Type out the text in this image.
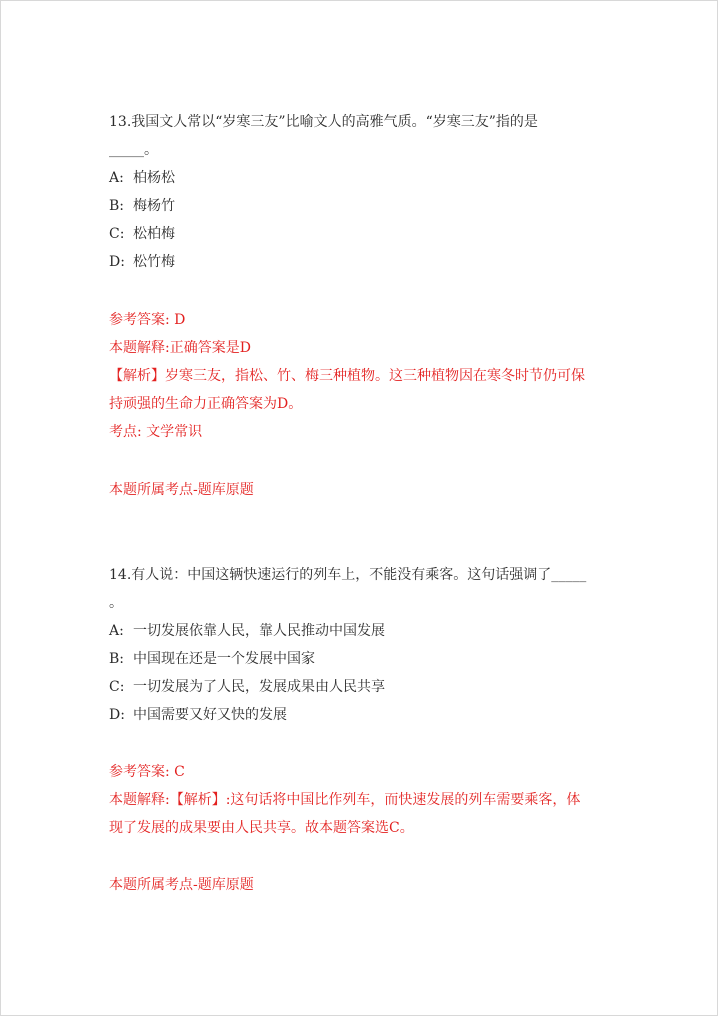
13.我国文人常以“岁寒三友”比喻文人的高雅气质。“岁寒三友”指的是
_____。
A: 柏杨松
B: 梅杨竹
C: 松柏梅
D: 松竹梅
参考答案: D
本题解释:正确答案是D
【解析】岁寒三友，指松、竹、梅三种植物。这三种植物因在寒冬时节仍可保
持顽强的生命力正确答案为D。
考点: 文学常识
本题所属考点-题库原题
14.有人说：中国这辆快速运行的列车上，不能没有乘客。这句话强调了_____
。
A: 一切发展依靠人民，靠人民推动中国发展
B: 中国现在还是一个发展中国家
C: 一切发展为了人民，发展成果由人民共享
D: 中国需要又好又快的发展
参考答案: C
本题解释:【解析】:这句话将中国比作列车，而快速发展的列车需要乘客，体
现了发展的成果要由人民共享。故本题答案选C。
本题所属考点-题库原题
